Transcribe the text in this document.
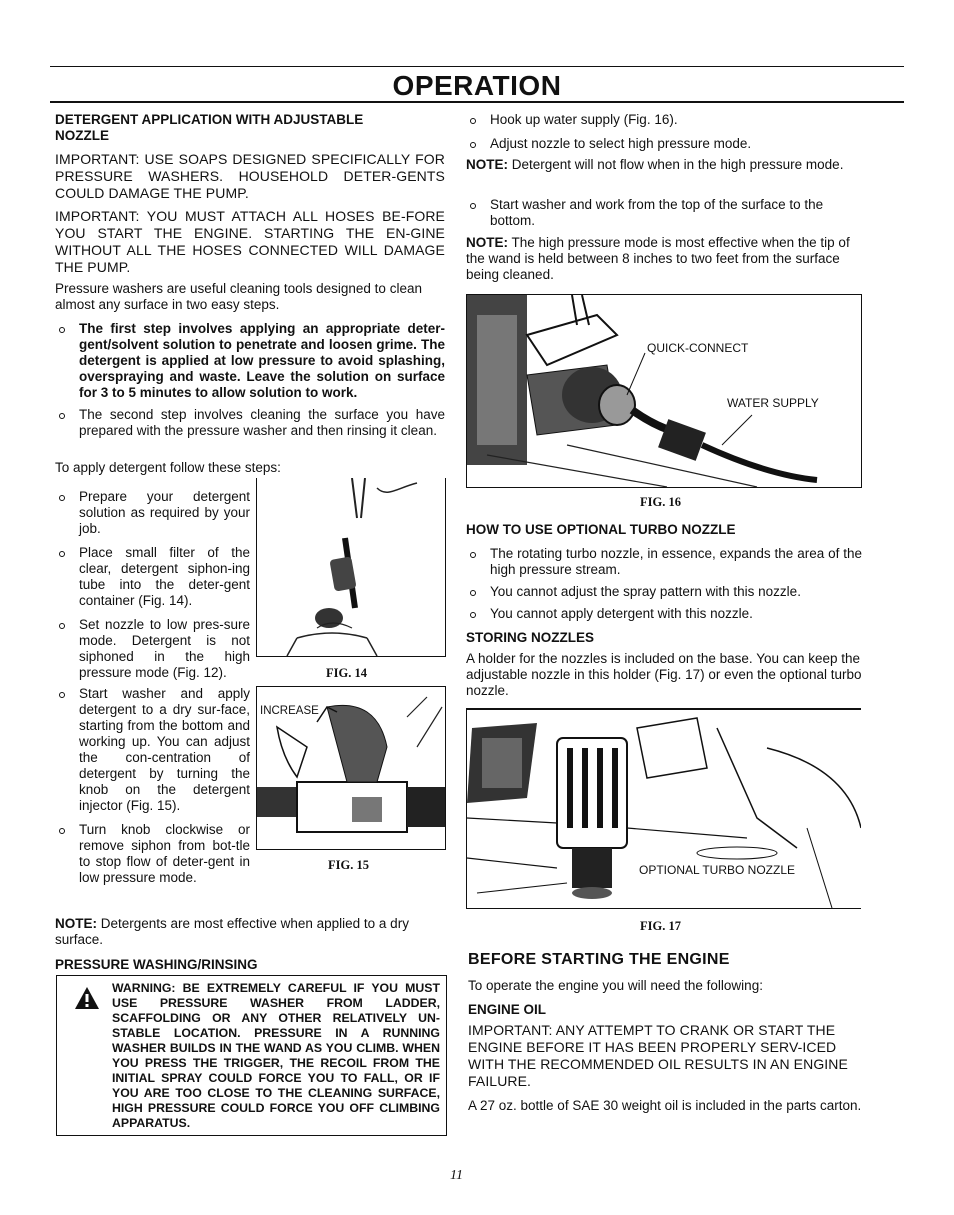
OPERATION
DETERGENT APPLICATION WITH ADJUSTABLE NOZZLE

IMPORTANT: USE SOAPS DESIGNED SPECIFICALLY FOR PRESSURE WASHERS. HOUSEHOLD DETER-GENTS COULD DAMAGE THE PUMP.

IMPORTANT: YOU MUST ATTACH ALL HOSES BE-FORE YOU START THE ENGINE. STARTING THE EN-GINE WITHOUT ALL THE HOSES CONNECTED WILL DAMAGE THE PUMP.

Pressure washers are useful cleaning tools designed to clean almost any surface in two easy steps.

The first step involves applying an appropriate deter-gent/solvent solution to penetrate and loosen grime. The detergent is applied at low pressure to avoid splashing, overspraying and waste. Leave the solution on surface for 3 to 5 minutes to allow solution to work.
The second step involves cleaning the surface you have prepared with the pressure washer and then rinsing it clean.

To apply detergent follow these steps:

Prepare your detergent solution as required by your job.
Place small filter of the clear, detergent siphon-ing tube into the deter-gent container (Fig. 14).
Set nozzle to low pres-sure mode. Detergent is not siphoned in the high pressure mode (Fig. 12).
Start washer and apply detergent to a dry sur-face, starting from the bottom and working up. You can adjust the con-centration of detergent by turning the knob on the detergent injector (Fig. 15).
Turn knob clockwise or remove siphon from bot-tle to stop flow of deter-gent in low pressure mode.
FIG. 14
INCREASE
FIG. 15

NOTE: Detergents are most effective when applied to a dry surface.

PRESSURE WASHING/RINSING
WARNING: BE EXTREMELY CAREFUL IF YOU MUST USE PRESSURE WASHER FROM LADDER, SCAFFOLDING OR ANY OTHER RELATIVELY UN-STABLE LOCATION. PRESSURE IN A RUNNING WASHER BUILDS IN THE WAND AS YOU CLIMB. WHEN YOU PRESS THE TRIGGER, THE RECOIL FROM THE INITIAL SPRAY COULD FORCE YOU TO FALL, OR IF YOU ARE TOO CLOSE TO THE CLEANING SURFACE, HIGH PRESSURE COULD FORCE YOU OFF CLIMBING APPARATUS.
Hook up water supply (Fig. 16).
Adjust nozzle to select high pressure mode.

NOTE: Detergent will not flow when in the high pressure mode.

Start washer and work from the top of the surface to the bottom.

NOTE: The high pressure mode is most effective when the tip of the wand is held between 8 inches to two feet from the surface being cleaned.

QUICK-CONNECT
WATER SUPPLY
FIG. 16
HOW TO USE OPTIONAL TURBO NOZZLE
The rotating turbo nozzle, in essence, expands the area of the high pressure stream.
You cannot adjust the spray pattern with this nozzle.
You cannot apply detergent with this nozzle.
STORING NOZZLES

A holder for the nozzles is included on the base. You can keep the adjustable nozzle in this holder (Fig. 17) or even the optional turbo nozzle.

OPTIONAL TURBO NOZZLE
FIG. 17
BEFORE STARTING THE ENGINE

To operate the engine you will need the following:

ENGINE OIL

IMPORTANT: ANY ATTEMPT TO CRANK OR START THE ENGINE BEFORE IT HAS BEEN PROPERLY SERV-ICED WITH THE RECOMMENDED OIL RESULTS IN AN ENGINE FAILURE.

A 27 oz. bottle of SAE 30 weight oil is included in the parts carton.

11
